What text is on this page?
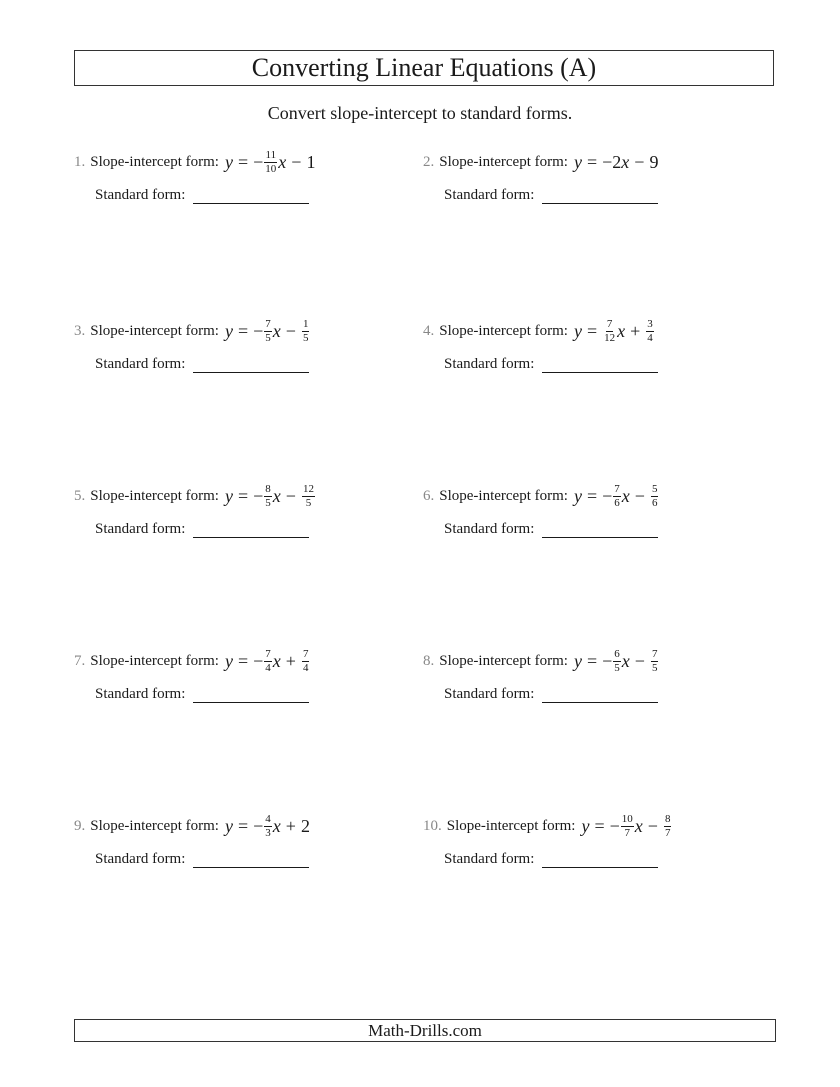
Converting Linear Equations (A)
Convert slope-intercept to standard forms.
1. Slope-intercept form: y = − $\frac{11}{10}$ x − 1
Standard form:
2. Slope-intercept form: y = − 2 x − 9
Standard form:
3. Slope-intercept form: y = − $\frac{7}{5}$ $x - \frac{1}{5}$
Standard form:
4. Slope-intercept form: $y = \frac{7}{12}$ $x + \frac{3}{4}$
Standard form:
5. Slope-intercept form: y = − $\frac{8}{5}$ $x - \frac{12}{5}$
Standard form:
6. Slope-intercept form: y = − $\frac{7}{6}$ $x - \frac{5}{6}$
Standard form:
7. Slope-intercept form: y = − $\frac{7}{4}$ $x + \frac{7}{4}$
Standard form:
8. Slope-intercept form: y = − $\frac{6}{5}$ $x - \frac{7}{5}$
Standard form:
9. Slope-intercept form: y = − $\frac{4}{3}$ x + 2
Standard form:
10. Slope-intercept form: y = − $\frac{10}{7}$ $x - \frac{8}{7}$
Standard form:
Math-Drills.com
